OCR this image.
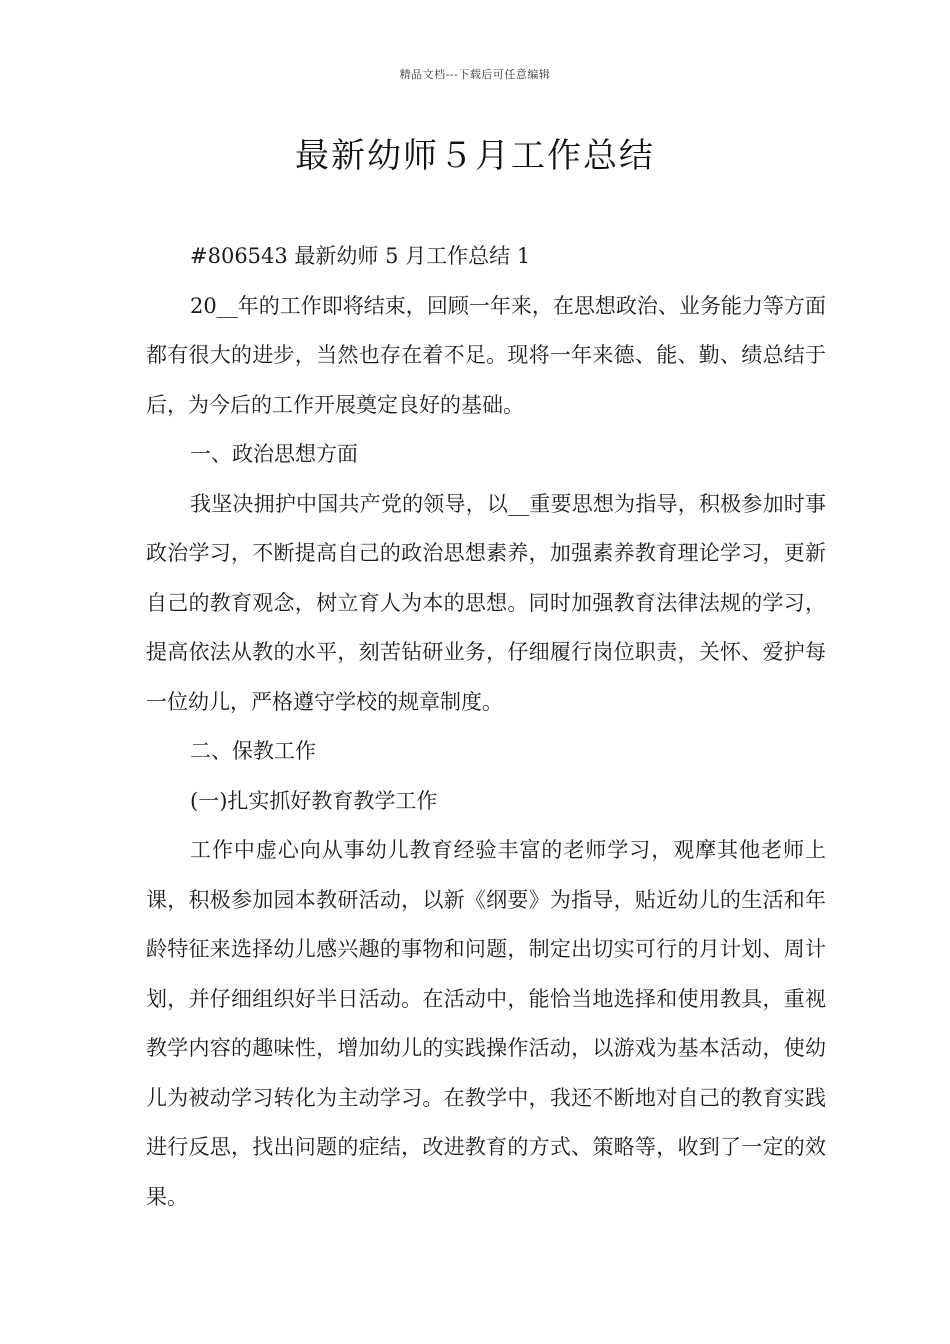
精品文档---下载后可任意编辑
最新幼师５月工作总结

#806543 最新幼师 5 月工作总结 1

20__年的工作即将结束，回顾一年来，在思想政治、业务能力等方面都有很大的进步，当然也存在着不足。现将一年来德、能、勤、绩总结于后，为今后的工作开展奠定良好的基础。

一、政治思想方面

我坚决拥护中国共产党的领导，以__重要思想为指导，积极参加时事政治学习，不断提高自己的政治思想素养，加强素养教育理论学习，更新自己的教育观念，树立育人为本的思想。同时加强教育法律法规的学习，提高依法从教的水平，刻苦钻研业务，仔细履行岗位职责，关怀、爱护每一位幼儿，严格遵守学校的规章制度。

二、保教工作

(一)扎实抓好教育教学工作

工作中虚心向从事幼儿教育经验丰富的老师学习，观摩其他老师上课，积极参加园本教研活动，以新《纲要》为指导，贴近幼儿的生活和年龄特征来选择幼儿感兴趣的事物和问题，制定出切实可行的月计划、周计划，并仔细组织好半日活动。在活动中，能恰当地选择和使用教具，重视教学内容的趣味性，增加幼儿的实践操作活动，以游戏为基本活动，使幼儿为被动学习转化为主动学习。在教学中，我还不断地对自己的教育实践进行反思，找出问题的症结，改进教育的方式、策略等，收到了一定的效果。
